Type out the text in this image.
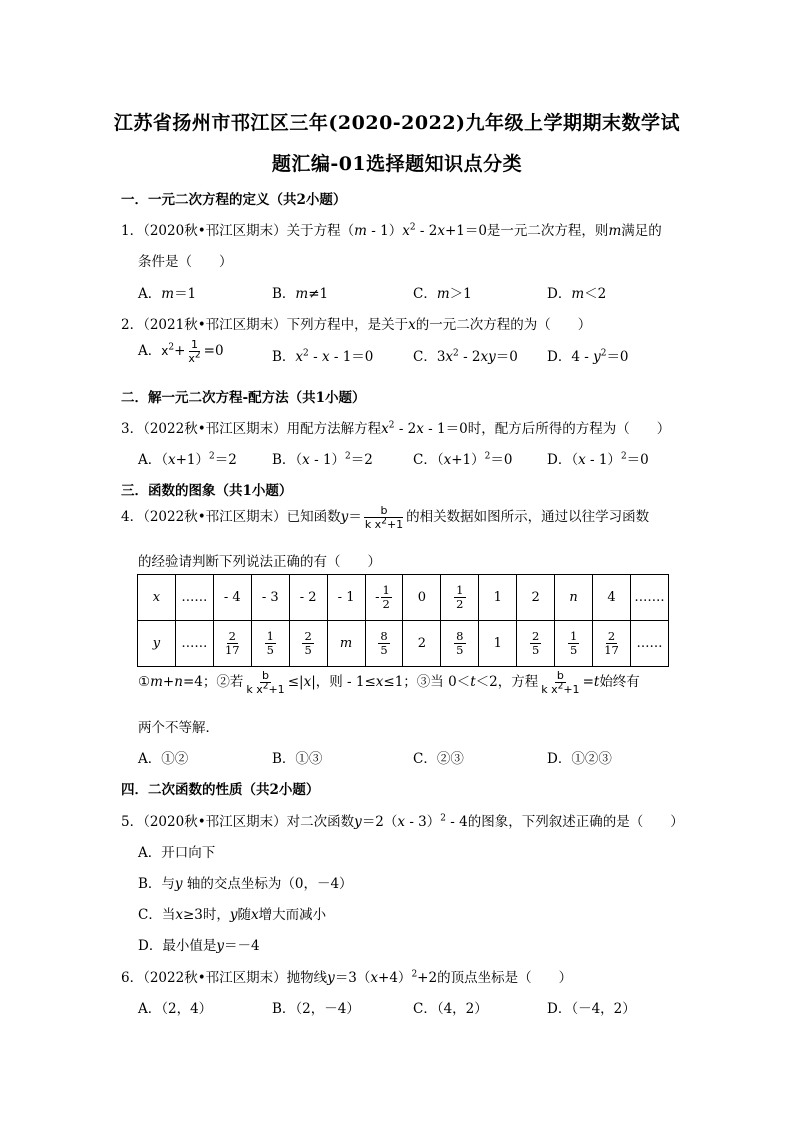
江苏省扬州市邗江区三年(2020-2022)九年级上学期期末数学试
题汇编-01选择题知识点分类
一．一元二次方程的定义（共2小题）
1．（2020秋•邗江区期末）关于方程$(m - 1)x^2 - 2x+1=0$是一元二次方程，则m满足的
条件是（　　）
A．m＝1	B．m≠1	C．m＞1	D．m＜2
2．（2021秋•邗江区期末）下列方程中，是关于x的一元二次方程的为（　　）
A．$x^2+ \frac{1}{x^2} =0$	B．$x^2 - x - 1=0$	C．$3x^2 - 2xy=0$ D．$4 - y^2=0$
二．解一元二次方程-配方法（共1小题）
3．（2022秋•邗江区期末）用配方法解方程$x^2 - 2x - 1=0$时，配方后所得的方程为（　　）
A．$(x+1)^2=2$	B．（x - 1）$^2$＝2	C．$(x+1)^2=0$	D．（x - 1）$^2$＝0
三．函数的图象（共1小题）
4．（2022秋•邗江区期末）已知函数$y= \frac{b}{k x^2+1}$ 的相关数据如图所示，通过以往学习函数
的经验请判断下列说法正确的有（　　）
x	……	- 4	- 3	- 2	- 1	- $\frac{1}{2}$	0	$\frac{1}{2}$	1	2	n	4	…….
y	……	$\frac{2}{17}$	$\frac{1}{5}$	$\frac{2}{5}$	m	$\frac{8}{5}$	2	$\frac{8}{5}$	1	$\frac{2}{5}$	$\frac{1}{5}$	$\frac{2}{17}$	……
①m+n=4；②若 $\frac{b}{k x^2+1} \le|x|$，则 - 1≤x≤1；③当 0＜t＜2，方程 $\frac{b}{k x^2+1} =t$始终有
两个不等解．
A．①②	B．①③	C．②③	D．①②③
四．二次函数的性质（共2小题）
5．（2020秋•邗江区期末）对二次函数y＝2（x - 3）$^2$ - 4的图象，下列叙述正确的是（　　）
A．开口向下
B．与y 轴的交点坐标为（0，－4）
C．当x≥3时，y随x增大而减小
D．最小值是y＝－4
6．（2022秋•邗江区期末）抛物线$y=3(x+4)^2+2$的顶点坐标是（　　）
A．（2，4）	B．（2，－4）	C．（4，2）	D．（－4，2）
